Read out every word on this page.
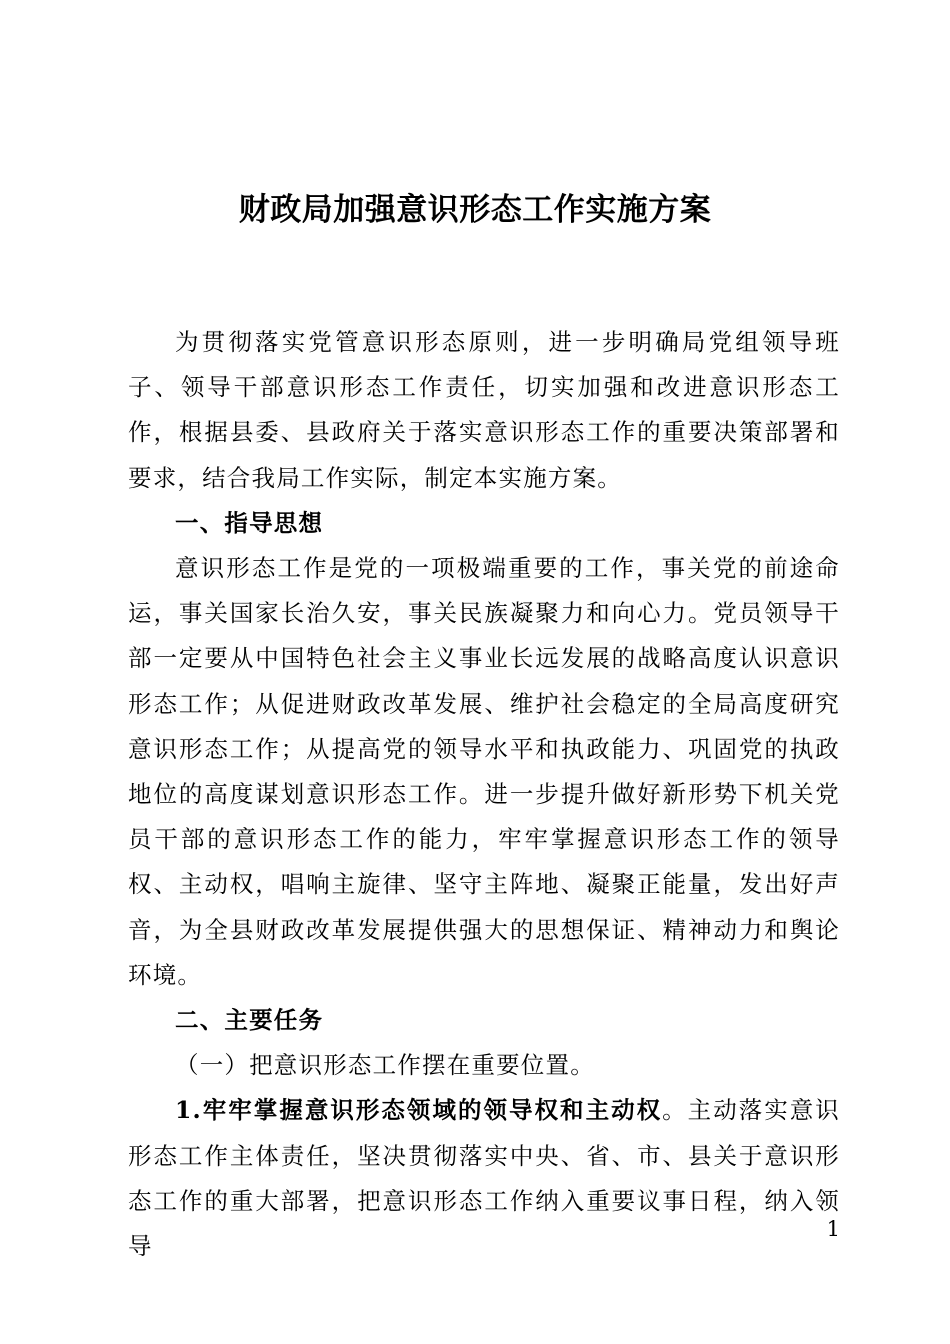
财政局加强意识形态工作实施方案

为贯彻落实党管意识形态原则，进一步明确局党组领导班子、领导干部意识形态工作责任，切实加强和改进意识形态工作，根据县委、县政府关于落实意识形态工作的重要决策部署和要求，结合我局工作实际，制定本实施方案。

一、指导思想

意识形态工作是党的一项极端重要的工作，事关党的前途命运，事关国家长治久安，事关民族凝聚力和向心力。党员领导干部一定要从中国特色社会主义事业长远发展的战略高度认识意识形态工作；从促进财政改革发展、维护社会稳定的全局高度研究意识形态工作；从提高党的领导水平和执政能力、巩固党的执政地位的高度谋划意识形态工作。进一步提升做好新形势下机关党员干部的意识形态工作的能力，牢牢掌握意识形态工作的领导权、主动权，唱响主旋律、坚守主阵地、凝聚正能量，发出好声音，为全县财政改革发展提供强大的思想保证、精神动力和舆论环境。

二、主要任务

（一）把意识形态工作摆在重要位置。

1.牢牢掌握意识形态领域的领导权和主动权。主动落实意识形态工作主体责任，坚决贯彻落实中央、省、市、县关于意识形态工作的重大部署，把意识形态工作纳入重要议事日程，纳入领导

1
